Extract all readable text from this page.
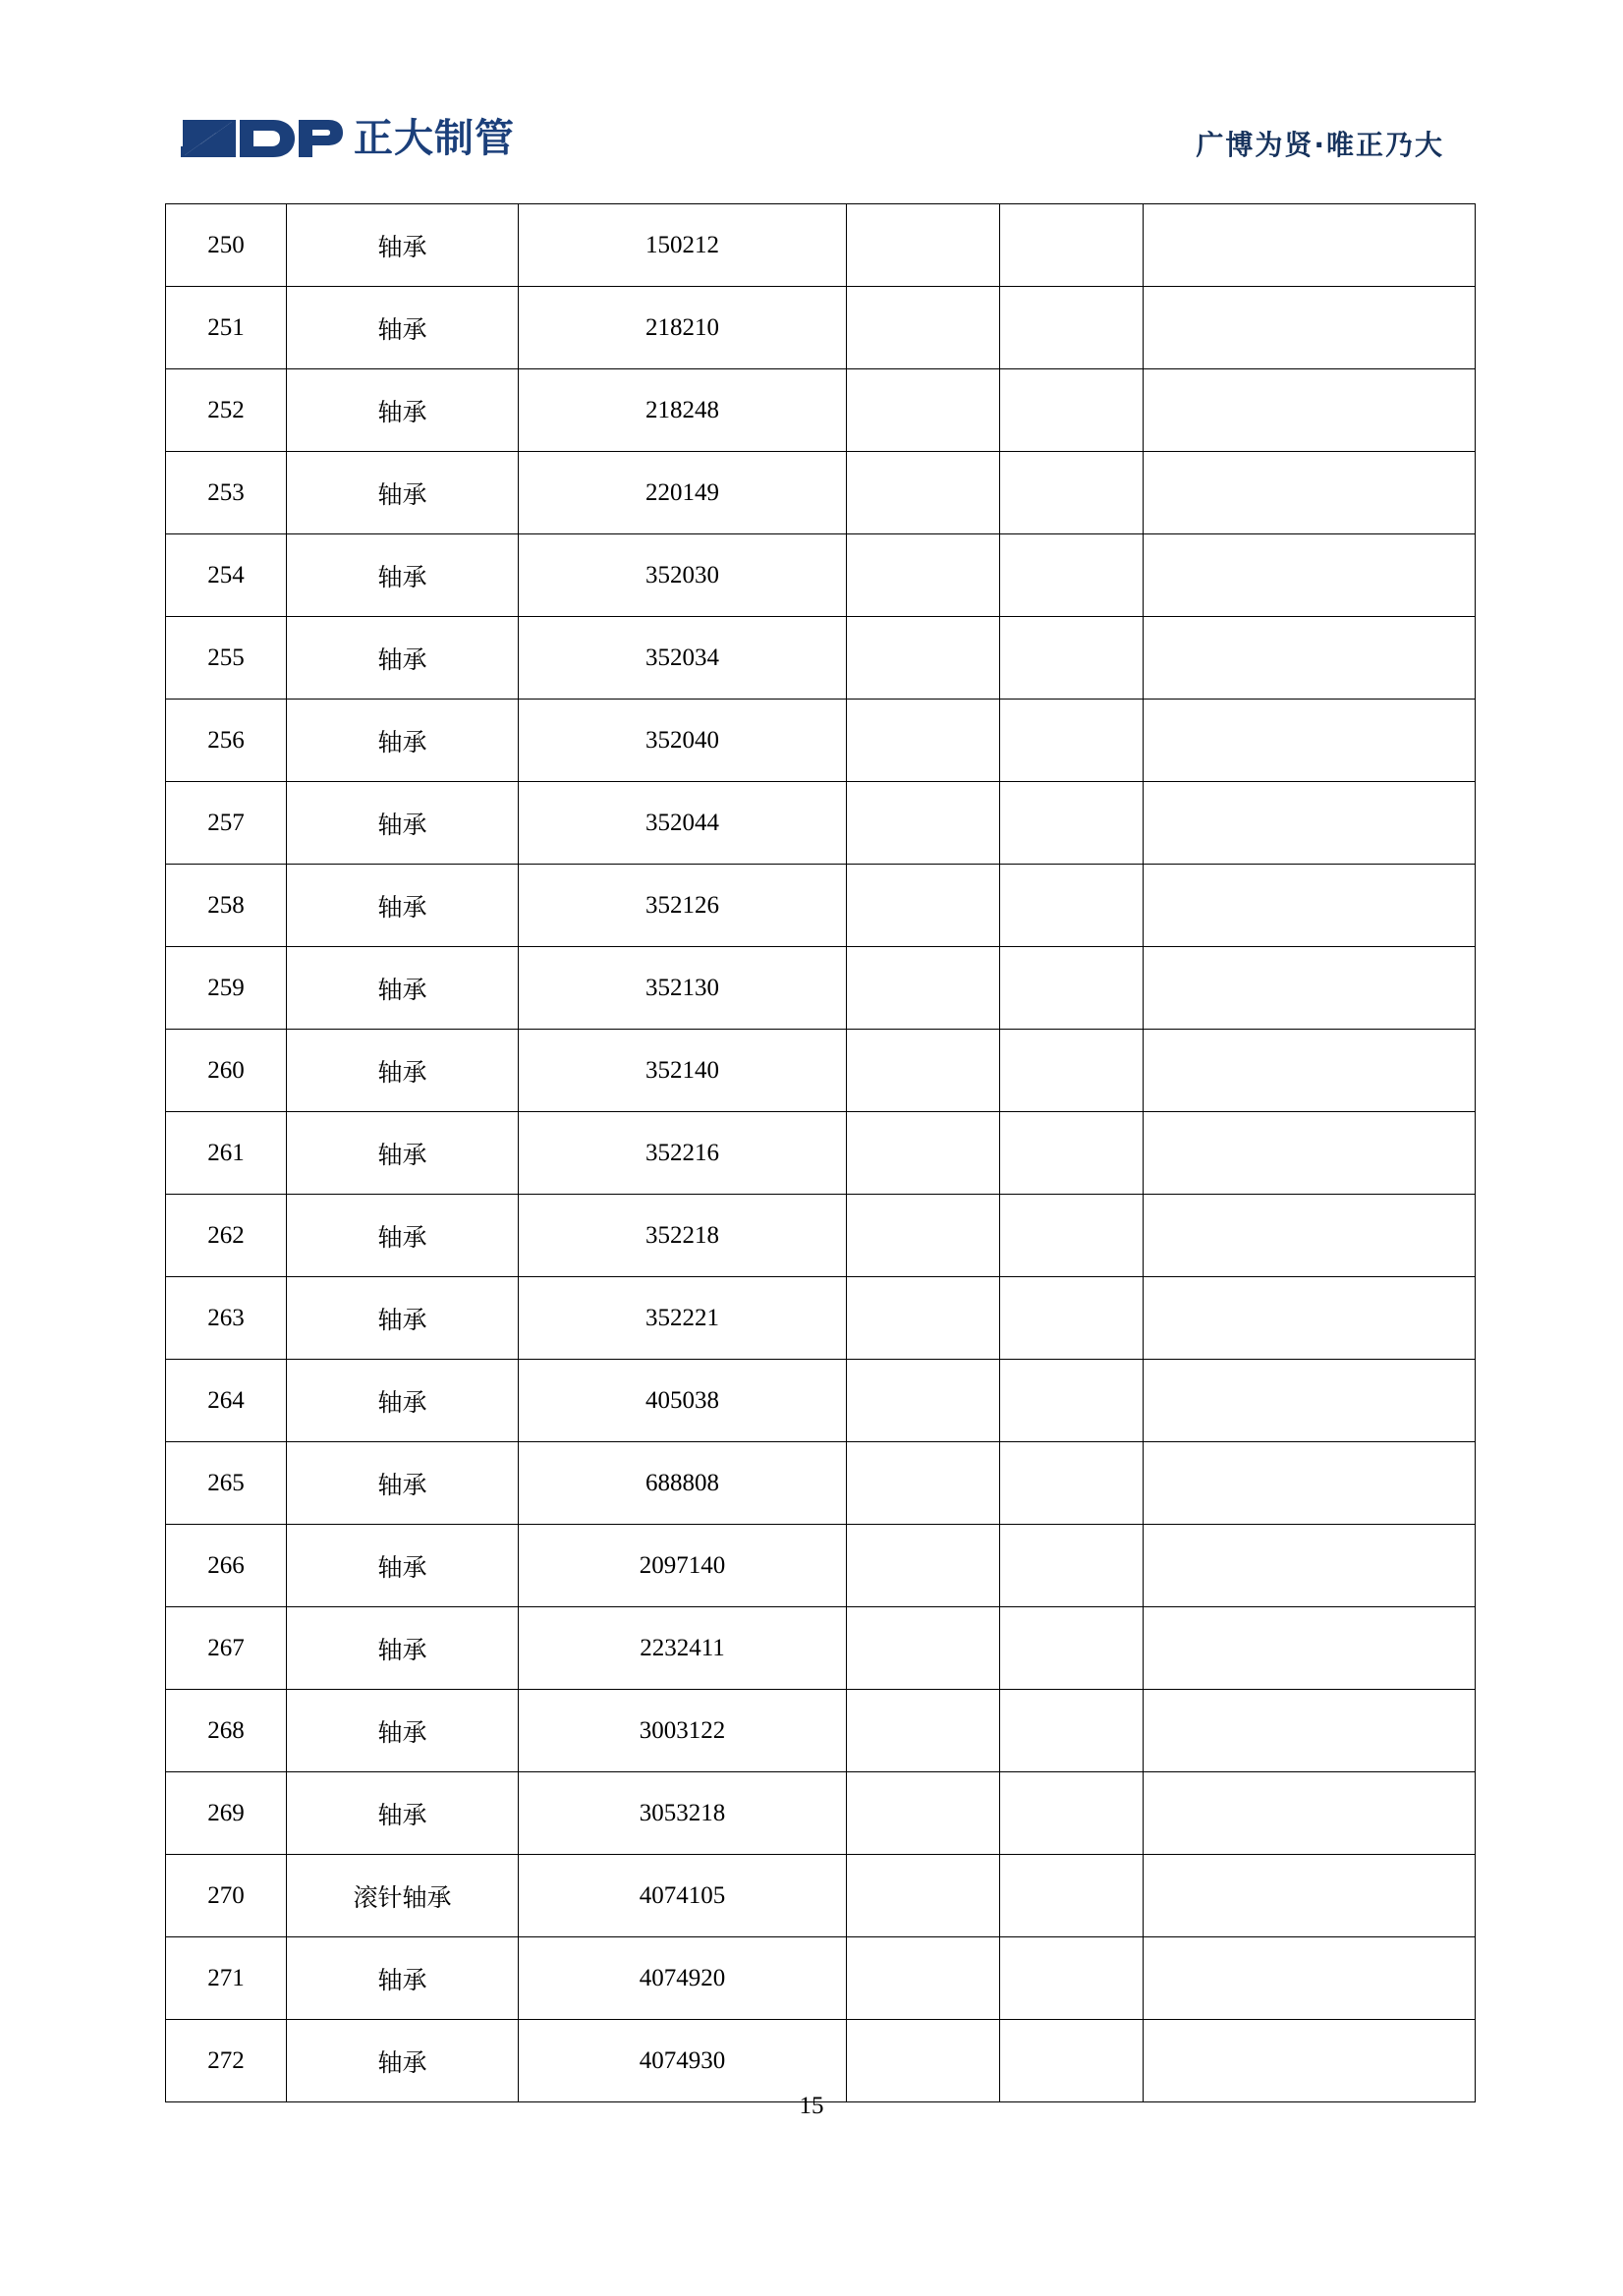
正大制管	广博为贤·唯正乃大
250	轴承	150212			
251	轴承	218210			
252	轴承	218248			
253	轴承	220149			
254	轴承	352030			
255	轴承	352034			
256	轴承	352040			
257	轴承	352044			
258	轴承	352126			
259	轴承	352130			
260	轴承	352140			
261	轴承	352216			
262	轴承	352218			
263	轴承	352221			
264	轴承	405038			
265	轴承	688808			
266	轴承	2097140			
267	轴承	2232411			
268	轴承	3003122			
269	轴承	3053218			
270	滚针轴承	4074105			
271	轴承	4074920			
272	轴承	4074930			
15
